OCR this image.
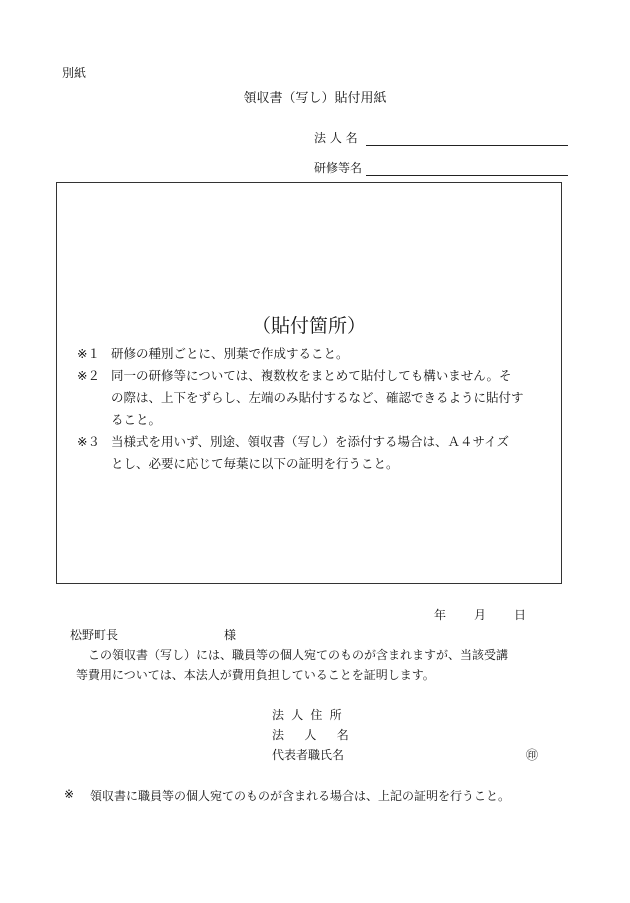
別紙
領収書（写し）貼付用紙
法 人 名
研修等名
（貼付箇所）
※１ 研修の種別ごとに、別葉で作成すること。
※２ 同一の研修等については、複数枚をまとめて貼付しても構いません。そ
の際は、上下をずらし、左端のみ貼付するなど、確認できるように貼付す
ること。
※３ 当様式を用いず、別途、領収書（写し）を添付する場合は、Ａ４サイズ
とし、必要に応じて毎葉に以下の証明を行うこと。
年 月 日
松野町長	様
この領収書（写し）には、職員等の個人宛てのものが含まれますが、当該受講
等費用については、本法人が費用負担していることを証明します。
法人住所
法人名
代表者職氏名	㊞
※ 領収書に職員等の個人宛てのものが含まれる場合は、上記の証明を行うこと。
